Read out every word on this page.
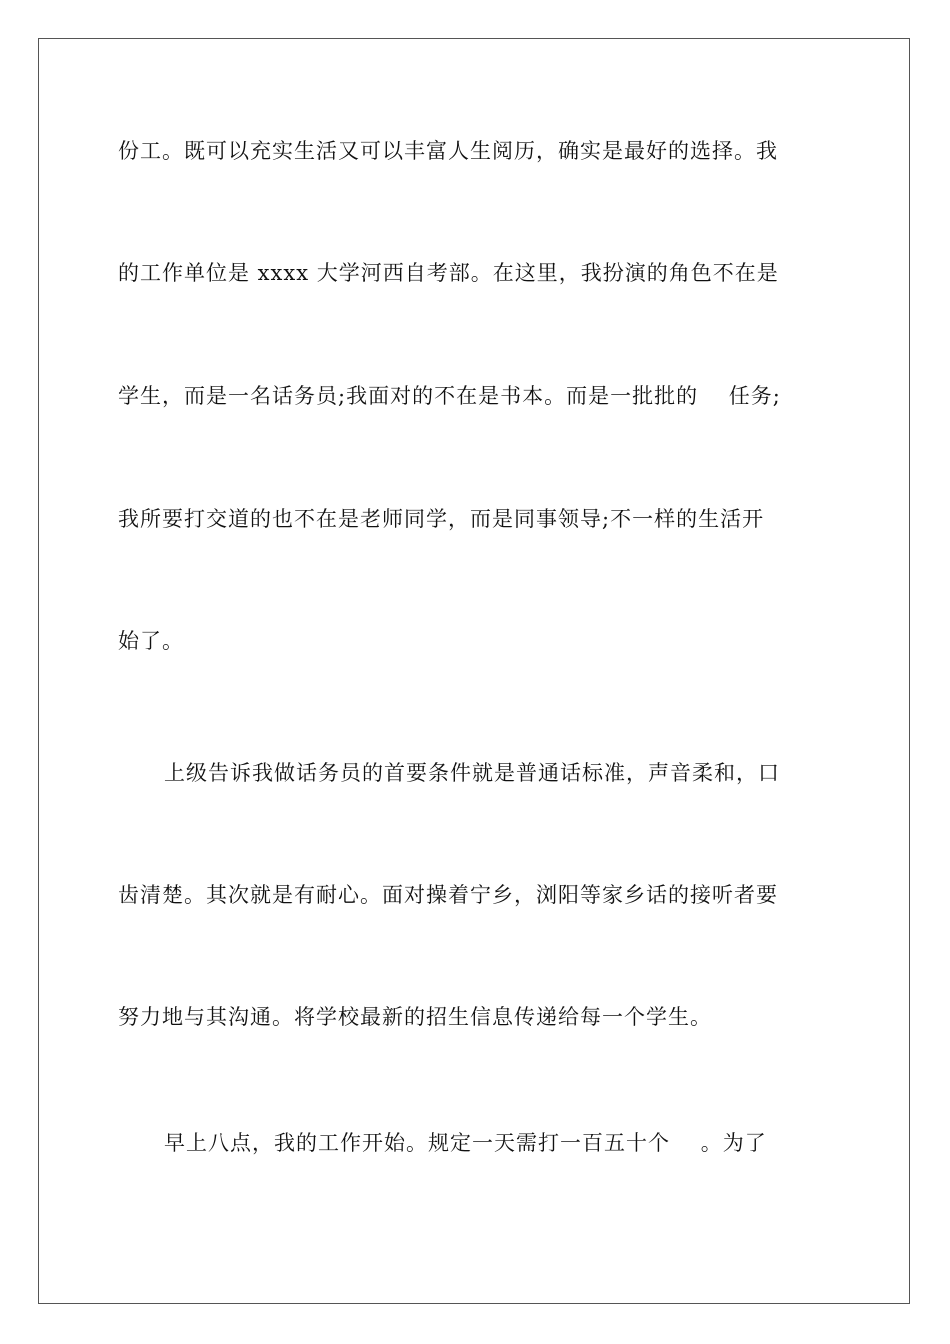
份工。既可以充实生活又可以丰富人生阅历，确实是最好的选择。我
的工作单位是 xxxx 大学河西自考部。在这里，我扮演的角色不在是
学生，而是一名话务员;我面对的不在是书本。而是一批批的    任务;
我所要打交道的也不在是老师同学，而是同事领导;不一样的生活开
始了。
上级告诉我做话务员的首要条件就是普通话标准，声音柔和，口
齿清楚。其次就是有耐心。面对操着宁乡，浏阳等家乡话的接听者要
努力地与其沟通。将学校最新的招生信息传递给每一个学生。
早上八点，我的工作开始。规定一天需打一百五十个    。为了
